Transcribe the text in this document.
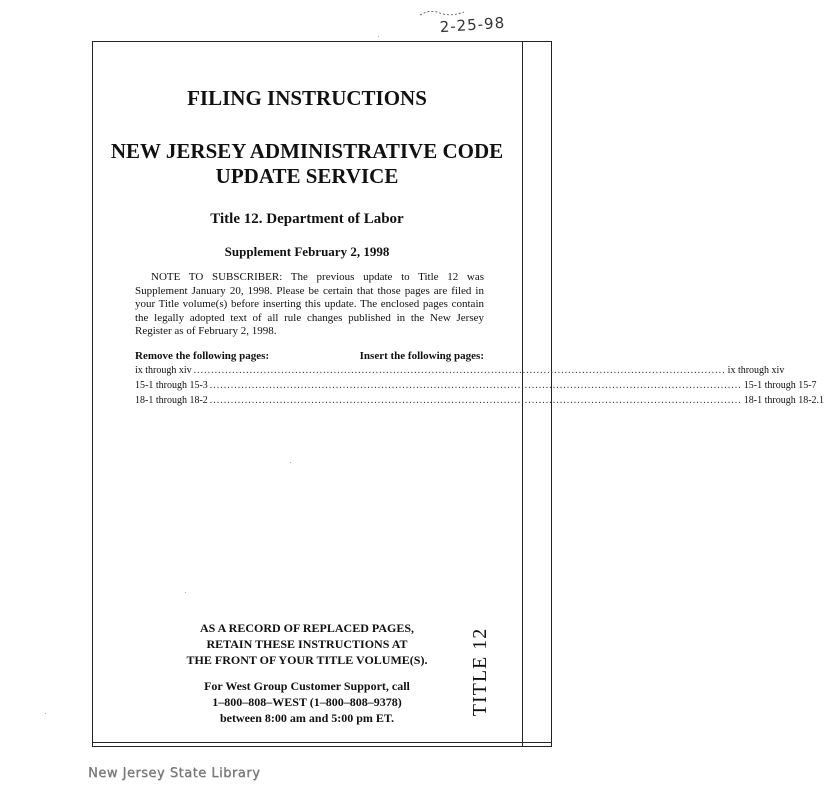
2-25-98
FILING INSTRUCTIONS
NEW JERSEY ADMINISTRATIVE CODE
UPDATE SERVICE
Title 12. Department of Labor
Supplement February 2, 1998
NOTE TO SUBSCRIBER: The previous update to Title 12 was Supplement January 20, 1998. Please be certain that those pages are filed in your Title volume(s) before inserting this update. The enclosed pages contain the legally adopted text of all rule changes published in the New Jersey Register as of February 2, 1998.
Remove the following pages:	Insert the following pages:
ix through xiv ........................................................................................................................................................ ix through xiv
15-1 through 15-3 ........................................................................................................................................................ 15-1 through 15-7
18-1 through 18-2 ........................................................................................................................................................ 18-1 through 18-2.1
AS A RECORD OF REPLACED PAGES,
RETAIN THESE INSTRUCTIONS AT
THE FRONT OF YOUR TITLE VOLUME(S).
For West Group Customer Support, call
1–800–808–WEST (1–800–808–9378)
between 8:00 am and 5:00 pm ET.
TITLE 12
New Jersey State Library
